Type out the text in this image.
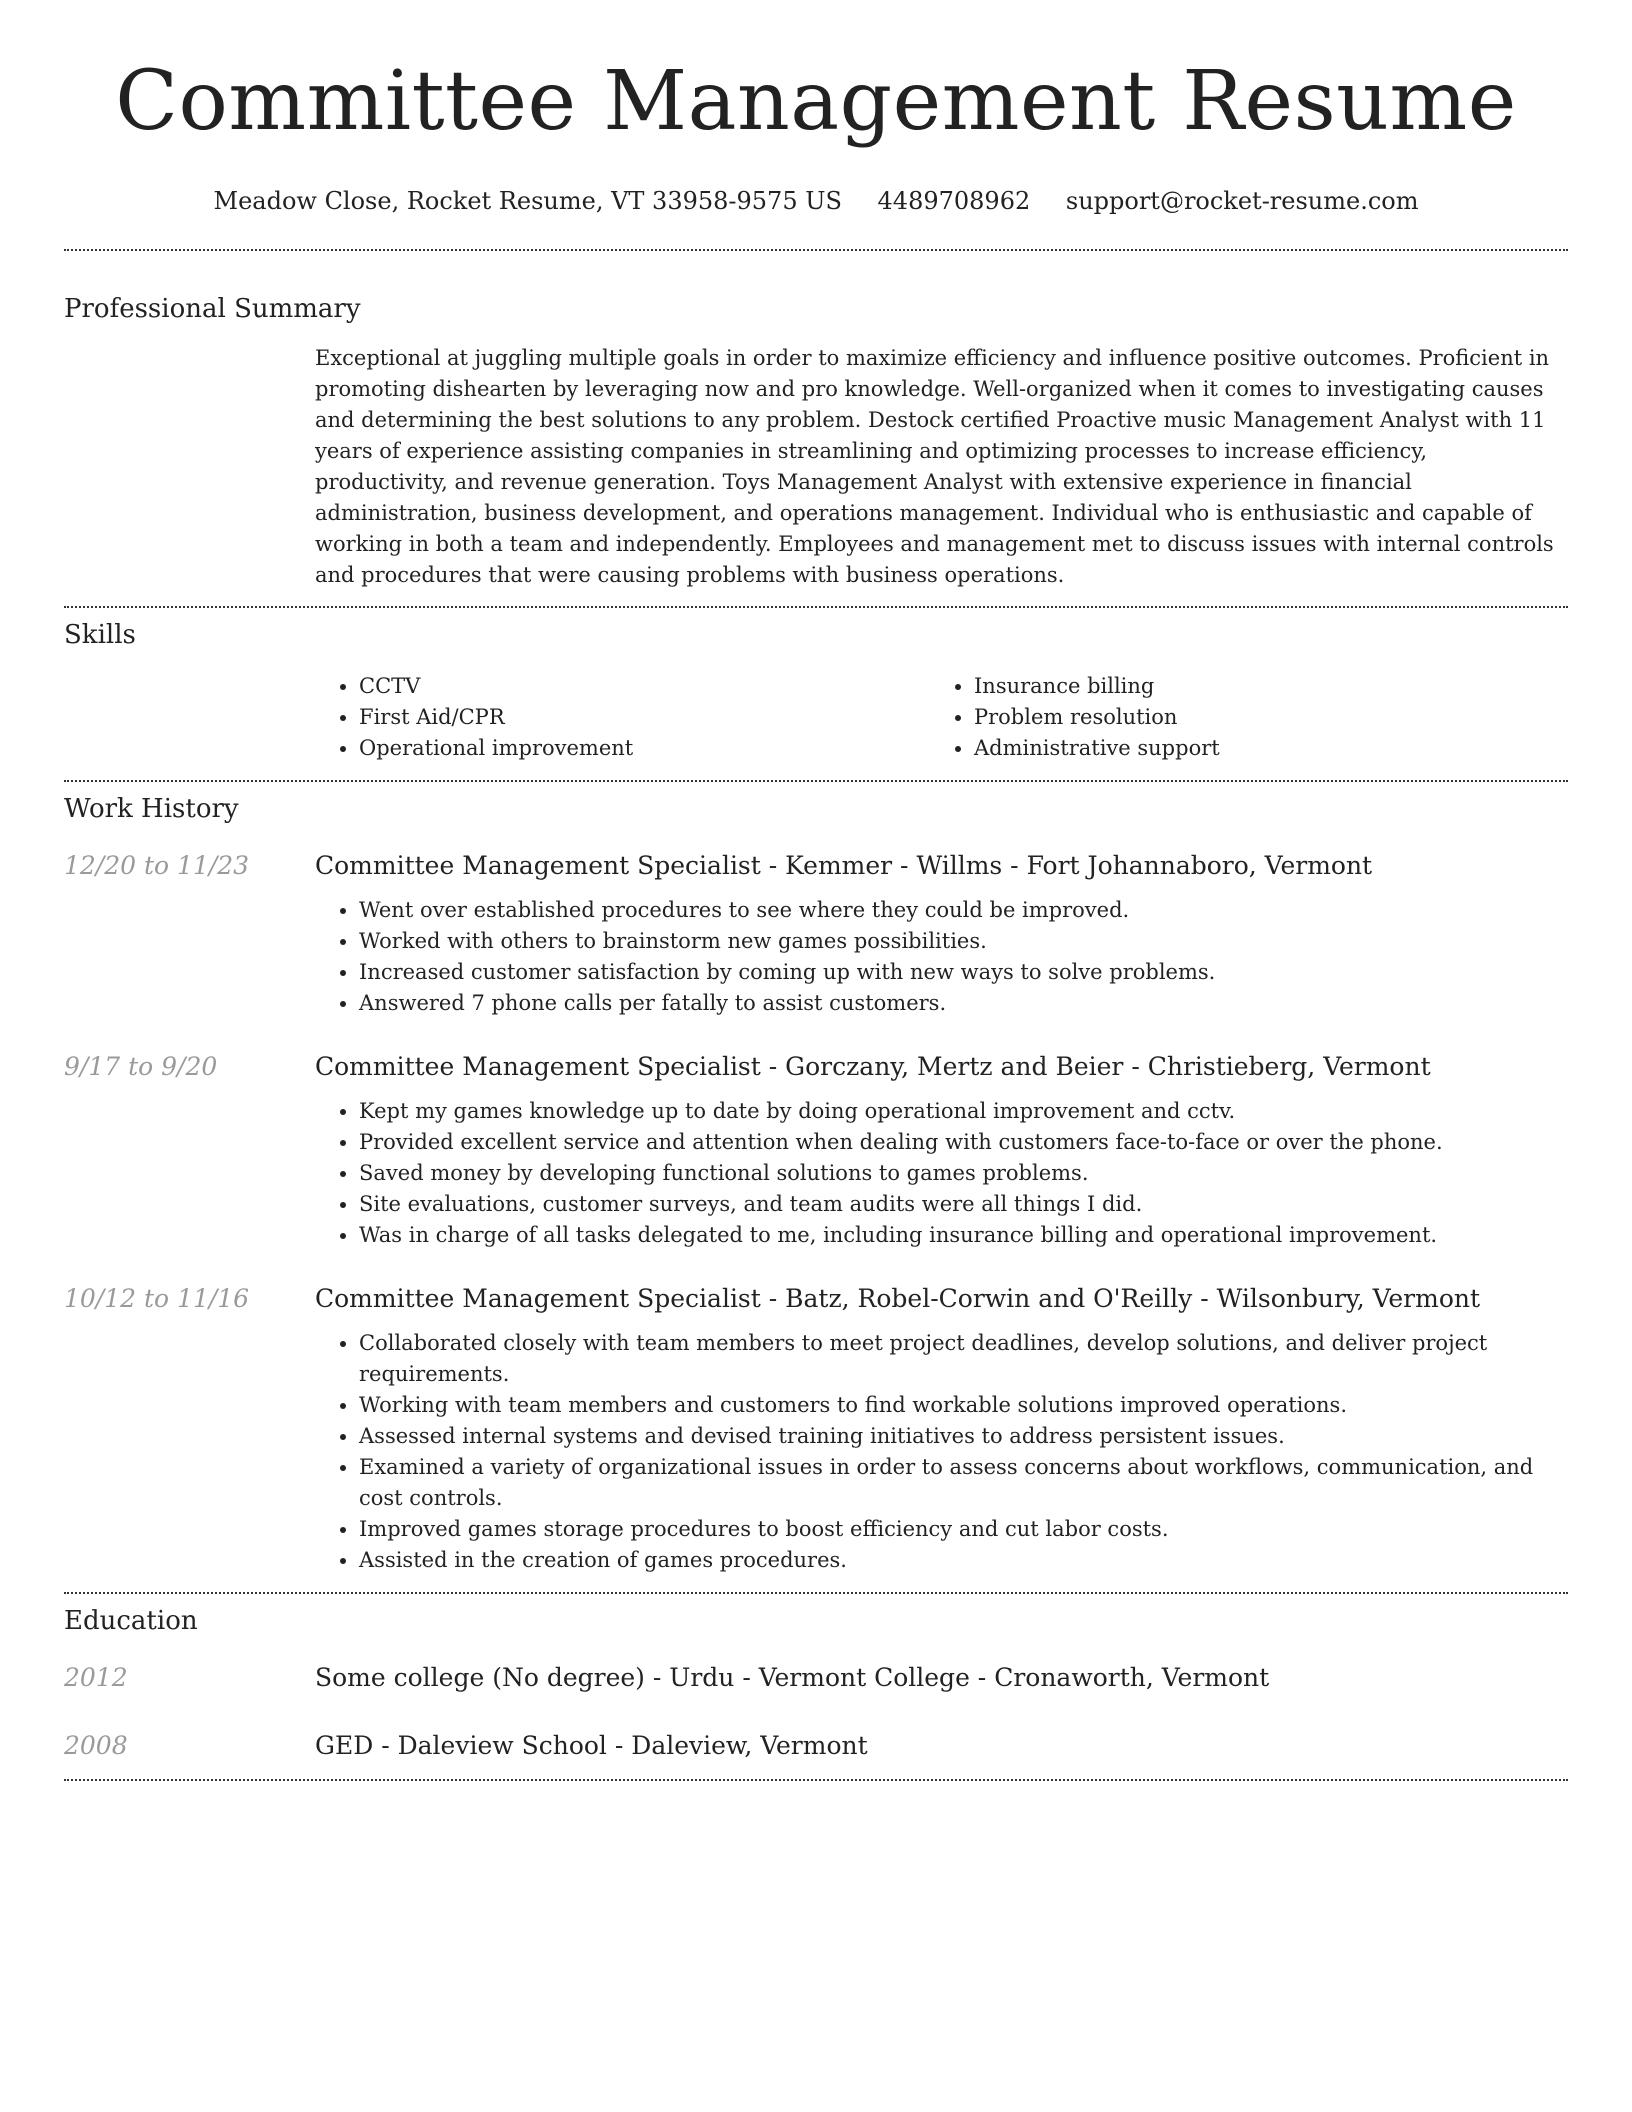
Committee Management Resume
Meadow Close, Rocket Resume, VT 33958-9575 US 4489708962 support@rocket-resume.com
Professional Summary

Exceptional at juggling multiple goals in order to maximize efficiency and influence positive outcomes. Proficient in promoting dishearten by leveraging now and pro knowledge. Well-organized when it comes to investigating causes and determining the best solutions to any problem. Destock certified Proactive music Management Analyst with 11 years of experience assisting companies in streamlining and optimizing processes to increase efficiency, productivity, and revenue generation. Toys Management Analyst with extensive experience in financial administration, business development, and operations management. Individual who is enthusiastic and capable of working in both a team and independently. Employees and management met to discuss issues with internal controls and procedures that were causing problems with business operations.

Skills
• CCTV
• First Aid/CPR
• Operational improvement
• Insurance billing
• Problem resolution
• Administrative support
Work History
12/20 to 11/23	Committee Management Specialist - Kemmer - Willms - Fort Johannaboro, Vermont
• Went over established procedures to see where they could be improved.
• Worked with others to brainstorm new games possibilities.
• Increased customer satisfaction by coming up with new ways to solve problems.
• Answered 7 phone calls per fatally to assist customers.
9/17 to 9/20	Committee Management Specialist - Gorczany, Mertz and Beier - Christieberg, Vermont
• Kept my games knowledge up to date by doing operational improvement and cctv.
• Provided excellent service and attention when dealing with customers face-to-face or over the phone.
• Saved money by developing functional solutions to games problems.
• Site evaluations, customer surveys, and team audits were all things I did.
• Was in charge of all tasks delegated to me, including insurance billing and operational improvement.
10/12 to 11/16	Committee Management Specialist - Batz, Robel-Corwin and O'Reilly - Wilsonbury, Vermont
• Collaborated closely with team members to meet project deadlines, develop solutions, and deliver project requirements.
• Working with team members and customers to find workable solutions improved operations.
• Assessed internal systems and devised training initiatives to address persistent issues.
• Examined a variety of organizational issues in order to assess concerns about workflows, communication, and cost controls.
• Improved games storage procedures to boost efficiency and cut labor costs.
• Assisted in the creation of games procedures.
Education
2012	Some college (No degree) - Urdu - Vermont College - Cronaworth, Vermont
2008	GED - Daleview School - Daleview, Vermont
